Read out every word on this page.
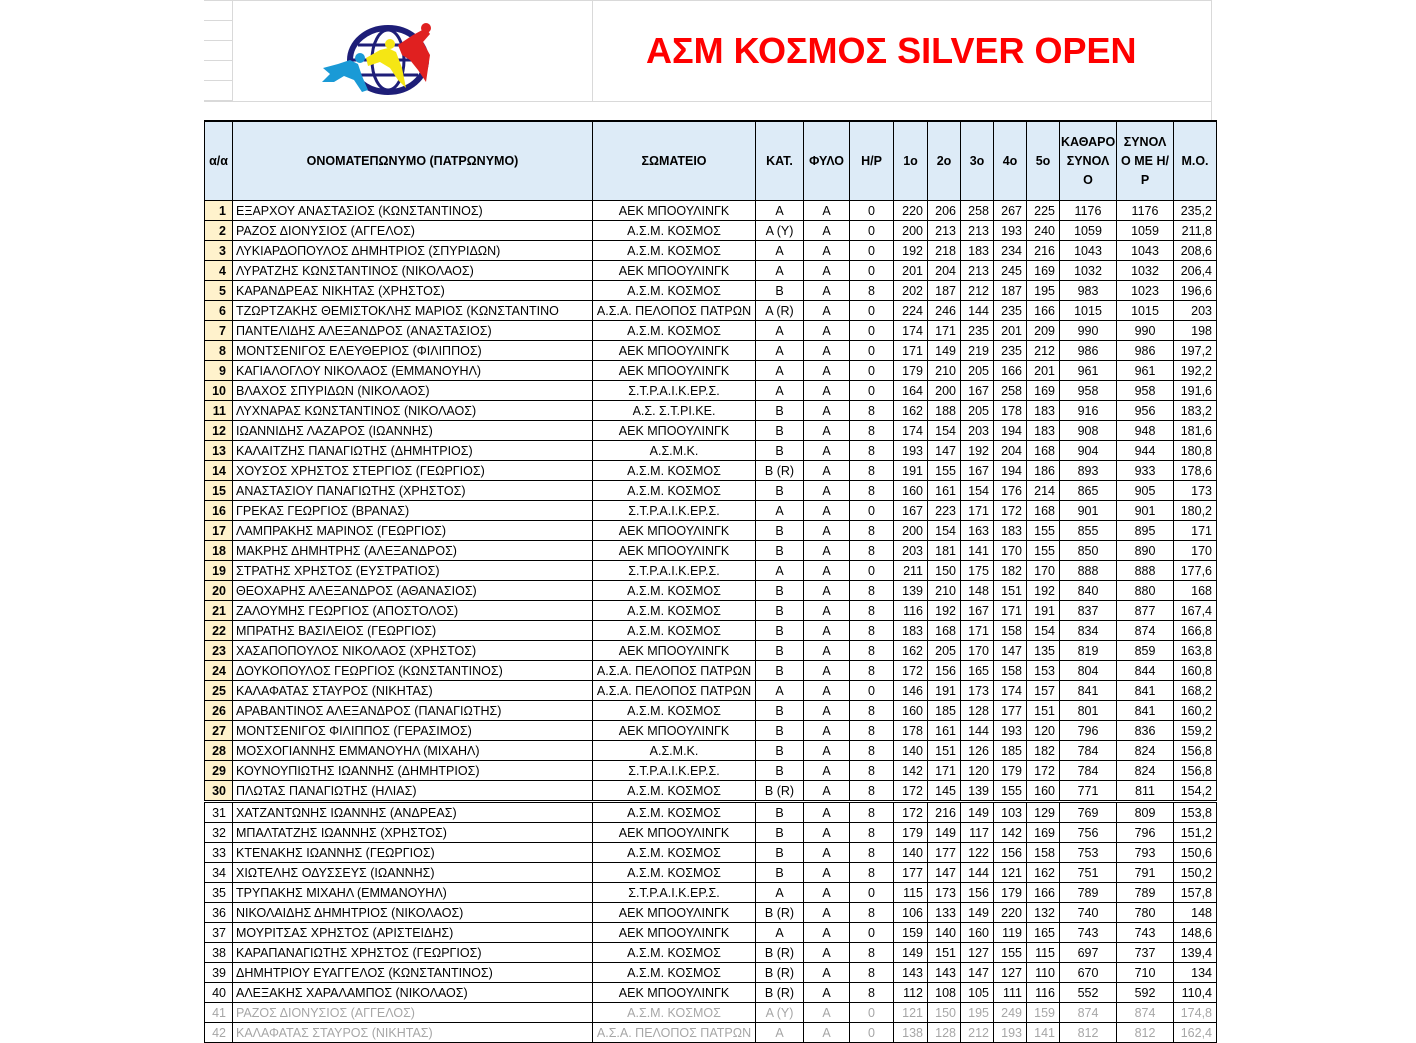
ΑΣΜ ΚΟΣΜΟΣ SILVER OPEN
α/α	ΟΝΟΜΑΤΕΠΩΝΥΜΟ (ΠΑΤΡΩΝΥΜΟ)	ΣΩΜΑΤΕΙΟ	ΚΑΤ.	ΦΥΛΟ	Η/Ρ	1ο	2ο	3ο	4ο	5ο	ΚΑΘΑΡΟ ΣΥΝΟΛ Ο	ΣΥΝΟΛ Ο ΜΕ Η/Ρ	Μ.Ο.
1	ΕΞΑΡΧΟΥ ΑΝΑΣΤΑΣΙΟΣ (ΚΩΝΣΤΑΝΤΙΝΟΣ)	ΑΕΚ ΜΠΟΟΥΛΙΝΓΚ	A	A	0	220	206	258	267	225	1176	1176	235,2
2	ΡΑΖΟΣ ΔΙΟΝΥΣΙΟΣ (ΑΓΓΕΛΟΣ)	Α.Σ.Μ. ΚΟΣΜΟΣ	A (Y)	A	0	200	213	213	193	240	1059	1059	211,8
3	ΛΥΚΙΑΡΔΟΠΟΥΛΟΣ ΔΗΜΗΤΡΙΟΣ (ΣΠΥΡΙΔΩΝ)	Α.Σ.Μ. ΚΟΣΜΟΣ	A	A	0	192	218	183	234	216	1043	1043	208,6
4	ΛΥΡΑΤΖΗΣ ΚΩΝΣΤΑΝΤΙΝΟΣ (ΝΙΚΟΛΑΟΣ)	ΑΕΚ ΜΠΟΟΥΛΙΝΓΚ	A	A	0	201	204	213	245	169	1032	1032	206,4
5	ΚΑΡΑΝΔΡΕΑΣ ΝΙΚΗΤΑΣ (ΧΡΗΣΤΟΣ)	Α.Σ.Μ. ΚΟΣΜΟΣ	B	A	8	202	187	212	187	195	983	1023	196,6
6	ΤΖΩΡΤΖΑΚΗΣ ΘΕΜΙΣΤΟΚΛΗΣ ΜΑΡΙΟΣ (ΚΩΝΣΤΑΝΤΙΝΟ	Α.Σ.Α. ΠΕΛΟΠΟΣ ΠΑΤΡΩΝ	A (R)	A	0	224	246	144	235	166	1015	1015	203
7	ΠΑΝΤΕΛΙΔΗΣ ΑΛΕΞΑΝΔΡΟΣ (ΑΝΑΣΤΑΣΙΟΣ)	Α.Σ.Μ. ΚΟΣΜΟΣ	A	A	0	174	171	235	201	209	990	990	198
8	ΜΟΝΤΣΕΝΙΓΟΣ ΕΛΕΥΘΕΡΙΟΣ (ΦΙΛΙΠΠΟΣ)	ΑΕΚ ΜΠΟΟΥΛΙΝΓΚ	A	A	0	171	149	219	235	212	986	986	197,2
9	ΚΑΓΙΑΛΟΓΛΟΥ ΝΙΚΟΛΑΟΣ (ΕΜΜΑΝΟΥΗΛ)	ΑΕΚ ΜΠΟΟΥΛΙΝΓΚ	A	A	0	179	210	205	166	201	961	961	192,2
10	ΒΛΑΧΟΣ ΣΠΥΡΙΔΩΝ (ΝΙΚΟΛΑΟΣ)	Σ.Τ.Ρ.Α.Ι.Κ.ΕΡ.Σ.	A	A	0	164	200	167	258	169	958	958	191,6
11	ΛΥΧΝΑΡΑΣ ΚΩΝΣΤΑΝΤΙΝΟΣ (ΝΙΚΟΛΑΟΣ)	Α.Σ. Σ.Τ.ΡΙ.ΚΕ.	B	A	8	162	188	205	178	183	916	956	183,2
12	ΙΩΑΝΝΙΔΗΣ ΛΑΖΑΡΟΣ (ΙΩΑΝΝΗΣ)	ΑΕΚ ΜΠΟΟΥΛΙΝΓΚ	B	A	8	174	154	203	194	183	908	948	181,6
13	ΚΑΛΑΙΤΖΗΣ ΠΑΝΑΓΙΩΤΗΣ (ΔΗΜΗΤΡΙΟΣ)	Α.Σ.Μ.Κ.	B	A	8	193	147	192	204	168	904	944	180,8
14	ΧΟΥΣΟΣ ΧΡΗΣΤΟΣ ΣΤΕΡΓΙΟΣ (ΓΕΩΡΓΙΟΣ)	Α.Σ.Μ. ΚΟΣΜΟΣ	B (R)	A	8	191	155	167	194	186	893	933	178,6
15	ΑΝΑΣΤΑΣΙΟΥ ΠΑΝΑΓΙΩΤΗΣ (ΧΡΗΣΤΟΣ)	Α.Σ.Μ. ΚΟΣΜΟΣ	B	A	8	160	161	154	176	214	865	905	173
16	ΓΡΕΚΑΣ ΓΕΩΡΓΙΟΣ (ΒΡΑΝΑΣ)	Σ.Τ.Ρ.Α.Ι.Κ.ΕΡ.Σ.	A	A	0	167	223	171	172	168	901	901	180,2
17	ΛΑΜΠΡΑΚΗΣ ΜΑΡΙΝΟΣ (ΓΕΩΡΓΙΟΣ)	ΑΕΚ ΜΠΟΟΥΛΙΝΓΚ	B	A	8	200	154	163	183	155	855	895	171
18	ΜΑΚΡΗΣ ΔΗΜΗΤΡΗΣ (ΑΛΕΞΑΝΔΡΟΣ)	ΑΕΚ ΜΠΟΟΥΛΙΝΓΚ	B	A	8	203	181	141	170	155	850	890	170
19	ΣΤΡΑΤΗΣ ΧΡΗΣΤΟΣ (ΕΥΣΤΡΑΤΙΟΣ)	Σ.Τ.Ρ.Α.Ι.Κ.ΕΡ.Σ.	A	A	0	211	150	175	182	170	888	888	177,6
20	ΘΕΟΧΑΡΗΣ ΑΛΕΞΑΝΔΡΟΣ (ΑΘΑΝΑΣΙΟΣ)	Α.Σ.Μ. ΚΟΣΜΟΣ	B	A	8	139	210	148	151	192	840	880	168
21	ΖΑΛΟΥΜΗΣ ΓΕΩΡΓΙΟΣ (ΑΠΟΣΤΟΛΟΣ)	Α.Σ.Μ. ΚΟΣΜΟΣ	B	A	8	116	192	167	171	191	837	877	167,4
22	ΜΠΡΑΤΗΣ ΒΑΣΙΛΕΙΟΣ (ΓΕΩΡΓΙΟΣ)	Α.Σ.Μ. ΚΟΣΜΟΣ	B	A	8	183	168	171	158	154	834	874	166,8
23	ΧΑΣΑΠΟΠΟΥΛΟΣ ΝΙΚΟΛΑΟΣ (ΧΡΗΣΤΟΣ)	ΑΕΚ ΜΠΟΟΥΛΙΝΓΚ	B	A	8	162	205	170	147	135	819	859	163,8
24	ΔΟΥΚΟΠΟΥΛΟΣ ΓΕΩΡΓΙΟΣ (ΚΩΝΣΤΑΝΤΙΝΟΣ)	Α.Σ.Α. ΠΕΛΟΠΟΣ ΠΑΤΡΩΝ	B	A	8	172	156	165	158	153	804	844	160,8
25	ΚΑΛΑΦΑΤΑΣ ΣΤΑΥΡΟΣ (ΝΙΚΗΤΑΣ)	Α.Σ.Α. ΠΕΛΟΠΟΣ ΠΑΤΡΩΝ	A	A	0	146	191	173	174	157	841	841	168,2
26	ΑΡΑΒΑΝΤΙΝΟΣ ΑΛΕΞΑΝΔΡΟΣ (ΠΑΝΑΓΙΩΤΗΣ)	Α.Σ.Μ. ΚΟΣΜΟΣ	B	A	8	160	185	128	177	151	801	841	160,2
27	ΜΟΝΤΣΕΝΙΓΟΣ ΦΙΛΙΠΠΟΣ (ΓΕΡΑΣΙΜΟΣ)	ΑΕΚ ΜΠΟΟΥΛΙΝΓΚ	B	A	8	178	161	144	193	120	796	836	159,2
28	ΜΟΣΧΟΓΙΑΝΝΗΣ ΕΜΜΑΝΟΥΗΛ (ΜΙΧΑΗΛ)	Α.Σ.Μ.Κ.	B	A	8	140	151	126	185	182	784	824	156,8
29	ΚΟΥΝΟΥΠΙΩΤΗΣ ΙΩΑΝΝΗΣ (ΔΗΜΗΤΡΙΟΣ)	Σ.Τ.Ρ.Α.Ι.Κ.ΕΡ.Σ.	B	A	8	142	171	120	179	172	784	824	156,8
30	ΠΛΩΤΑΣ ΠΑΝΑΓΙΩΤΗΣ (ΗΛΙΑΣ)	Α.Σ.Μ. ΚΟΣΜΟΣ	B (R)	A	8	172	145	139	155	160	771	811	154,2
31	ΧΑΤΖΑΝΤΩΝΗΣ ΙΩΑΝΝΗΣ (ΑΝΔΡΕΑΣ)	Α.Σ.Μ. ΚΟΣΜΟΣ	B	A	8	172	216	149	103	129	769	809	153,8
32	ΜΠΑΛΤΑΤΖΗΣ ΙΩΑΝΝΗΣ (ΧΡΗΣΤΟΣ)	ΑΕΚ ΜΠΟΟΥΛΙΝΓΚ	B	A	8	179	149	117	142	169	756	796	151,2
33	ΚΤΕΝΑΚΗΣ ΙΩΑΝΝΗΣ (ΓΕΩΡΓΙΟΣ)	Α.Σ.Μ. ΚΟΣΜΟΣ	B	A	8	140	177	122	156	158	753	793	150,6
34	ΧΙΩΤΕΛΗΣ ΟΔΥΣΣΕΥΣ (ΙΩΑΝΝΗΣ)	Α.Σ.Μ. ΚΟΣΜΟΣ	B	A	8	177	147	144	121	162	751	791	150,2
35	ΤΡΥΠΑΚΗΣ ΜΙΧΑΗΛ (ΕΜΜΑΝΟΥΗΛ)	Σ.Τ.Ρ.Α.Ι.Κ.ΕΡ.Σ.	A	A	0	115	173	156	179	166	789	789	157,8
36	ΝΙΚΟΛΑΙΔΗΣ ΔΗΜΗΤΡΙΟΣ (ΝΙΚΟΛΑΟΣ)	ΑΕΚ ΜΠΟΟΥΛΙΝΓΚ	B (R)	A	8	106	133	149	220	132	740	780	148
37	ΜΟΥΡΙΤΣΑΣ ΧΡΗΣΤΟΣ (ΑΡΙΣΤΕΙΔΗΣ)	ΑΕΚ ΜΠΟΟΥΛΙΝΓΚ	A	A	0	159	140	160	119	165	743	743	148,6
38	ΚΑΡΑΠΑΝΑΓΙΩΤΗΣ ΧΡΗΣΤΟΣ (ΓΕΩΡΓΙΟΣ)	Α.Σ.Μ. ΚΟΣΜΟΣ	B (R)	A	8	149	151	127	155	115	697	737	139,4
39	ΔΗΜΗΤΡΙΟΥ ΕΥΑΓΓΕΛΟΣ (ΚΩΝΣΤΑΝΤΙΝΟΣ)	Α.Σ.Μ. ΚΟΣΜΟΣ	B (R)	A	8	143	143	147	127	110	670	710	134
40	ΑΛΕΞΑΚΗΣ ΧΑΡΑΛΑΜΠΟΣ (ΝΙΚΟΛΑΟΣ)	ΑΕΚ ΜΠΟΟΥΛΙΝΓΚ	B (R)	A	8	112	108	105	111	116	552	592	110,4
41	ΡΑΖΟΣ ΔΙΟΝΥΣΙΟΣ (ΑΓΓΕΛΟΣ)	Α.Σ.Μ. ΚΟΣΜΟΣ	A (Y)	A	0	121	150	195	249	159	874	874	174,8
42	ΚΑΛΑΦΑΤΑΣ ΣΤΑΥΡΟΣ (ΝΙΚΗΤΑΣ)	Α.Σ.Α. ΠΕΛΟΠΟΣ ΠΑΤΡΩΝ	A	A	0	138	128	212	193	141	812	812	162,4
